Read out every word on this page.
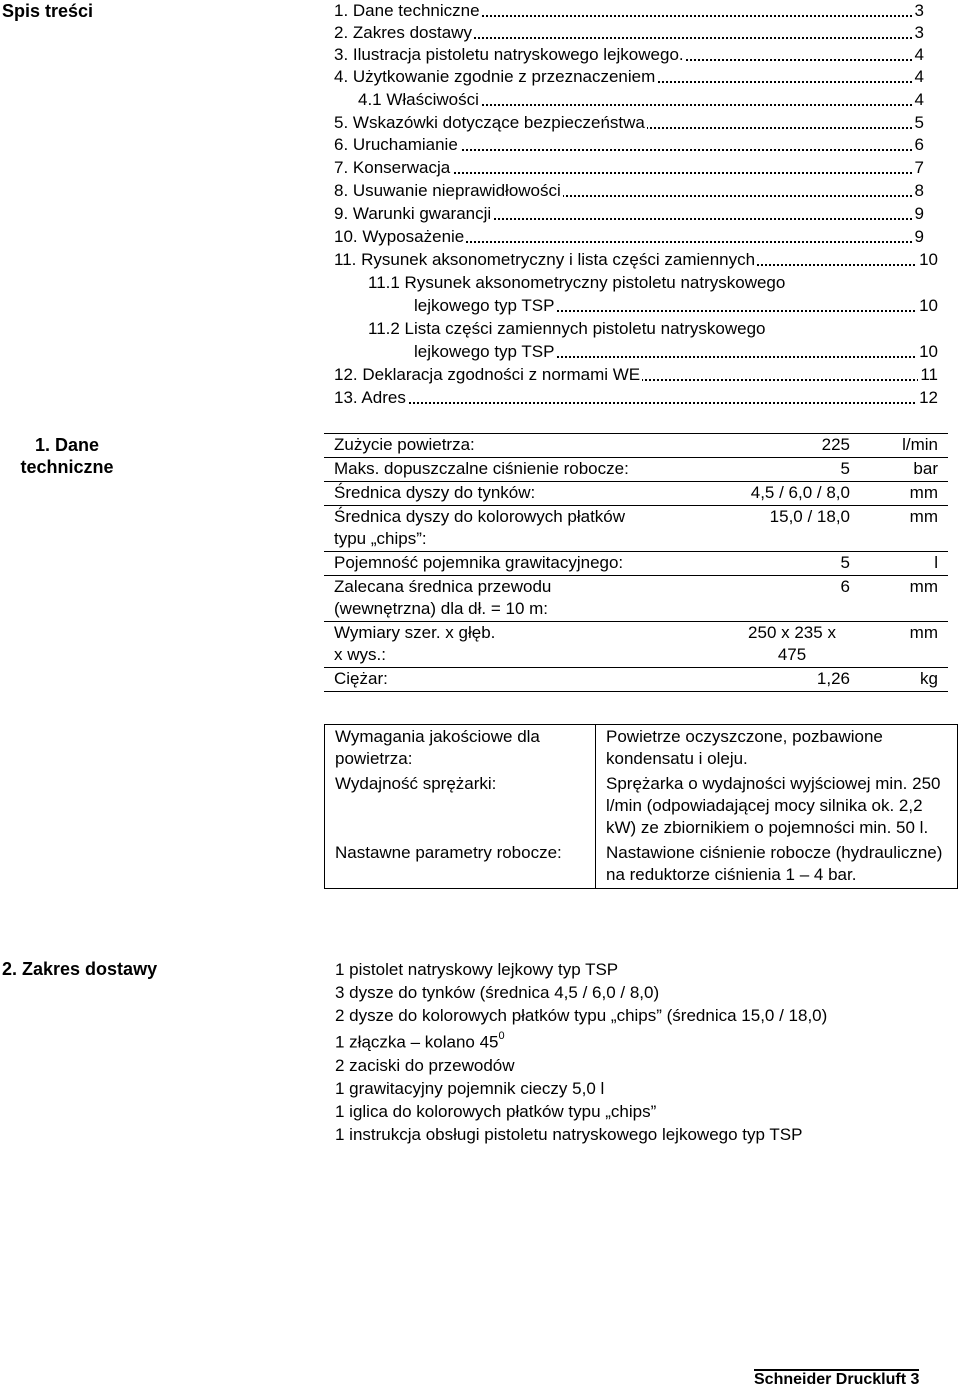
Spis treści	1. Dane techniczne	3
2. Zakres dostawy	3
3. Ilustracja pistoletu natryskowego lejkowego.	4
4. Użytkowanie zgodnie z przeznaczeniem	4
4.1 Właściwości	4
5. Wskazówki dotyczące bezpieczeństwa	5
6. Uruchamianie	6
7. Konserwacja	7
8. Usuwanie nieprawidłowości	8
9. Warunki gwarancji	9
10. Wyposażenie	9
11. Rysunek aksonometryczny i lista części zamiennych	10
11.1 Rysunek aksonometryczny pistoletu natryskowego
lejkowego typ TSP	10
11.2 Lista części zamiennych pistoletu natryskowego
lejkowego typ TSP	10
12. Deklaracja zgodności z normami WE	11
13. Adres	12
1. Dane
techniczne
Zużycie powietrza:	225	l/min
Maks. dopuszczalne ciśnienie robocze:	5	bar
Średnica dyszy do tynków:	4,5 / 6,0 / 8,0	mm
Średnica dyszy do kolorowych płatków typu „chips”:	15,0 / 18,0	mm
Pojemność pojemnika grawitacyjnego:	5	l
Zalecana średnica przewodu (wewnętrzna) dla dł. = 10 m:	6	mm
Wymiary szer. x głęb. x wys.:	250 x 235 x 475	mm
Ciężar:	1,26	kg
Wymagania jakościowe dla powietrza:	Powietrze oczyszczone, pozbawione kondensatu i oleju.
Wydajność sprężarki:	Sprężarka o wydajności wyjściowej min. 250 l/min (odpowiadającej mocy silnika ok. 2,2 kW) ze zbiornikiem o pojemności min. 50 l.
Nastawne parametry robocze:	Nastawione ciśnienie robocze (hydrauliczne) na reduktorze ciśnienia 1 – 4 bar.
2. Zakres dostawy	1 pistolet natryskowy lejkowy typ TSP
3 dysze do tynków (średnica 4,5 / 6,0 / 8,0)
2 dysze do kolorowych płatków typu „chips” (średnica 15,0 / 18,0)
1 złączka – kolano $45^0$
2 zaciski do przewodów
1 grawitacyjny pojemnik cieczy 5,0 l
1 iglica do kolorowych płatków typu „chips”
1 instrukcja obsługi pistoletu natryskowego lejkowego typ TSP
Schneider Druckluft 3
